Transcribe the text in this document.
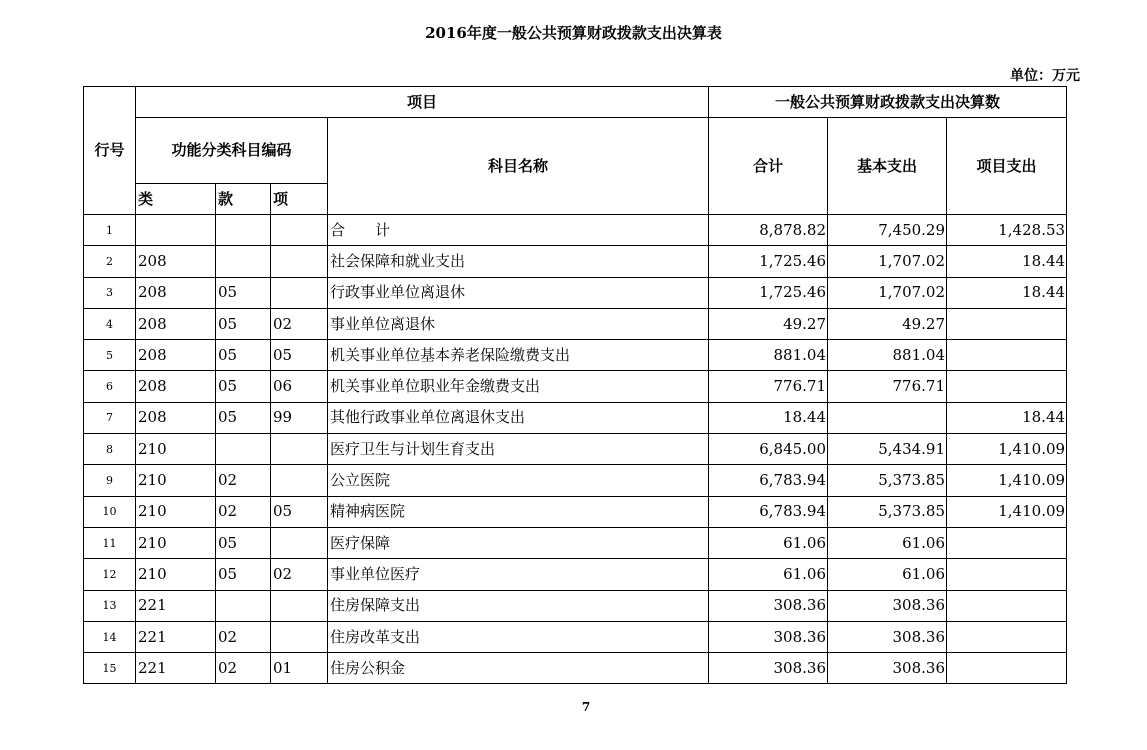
2016年度一般公共预算财政拨款支出决算表
单位：万元
行号	项目				一般公共预算财政拨款支出决算数		
	功能分类科目编码			科目名称	合计	基本支出	项目支出
	类	款	项				
1				合　　计	8,878.82	7,450.29	1,428.53
2	208			社会保障和就业支出	1,725.46	1,707.02	18.44
3	208	05		行政事业单位离退休	1,725.46	1,707.02	18.44
4	208	05	02	事业单位离退休	49.27	49.27	
5	208	05	05	机关事业单位基本养老保险缴费支出	881.04	881.04	
6	208	05	06	机关事业单位职业年金缴费支出	776.71	776.71	
7	208	05	99	其他行政事业单位离退休支出	18.44		18.44
8	210			医疗卫生与计划生育支出	6,845.00	5,434.91	1,410.09
9	210	02		公立医院	6,783.94	5,373.85	1,410.09
10	210	02	05	精神病医院	6,783.94	5,373.85	1,410.09
11	210	05		医疗保障	61.06	61.06	
12	210	05	02	事业单位医疗	61.06	61.06	
13	221			住房保障支出	308.36	308.36	
14	221	02		住房改革支出	308.36	308.36	
15	221	02	01	住房公积金	308.36	308.36	
7
